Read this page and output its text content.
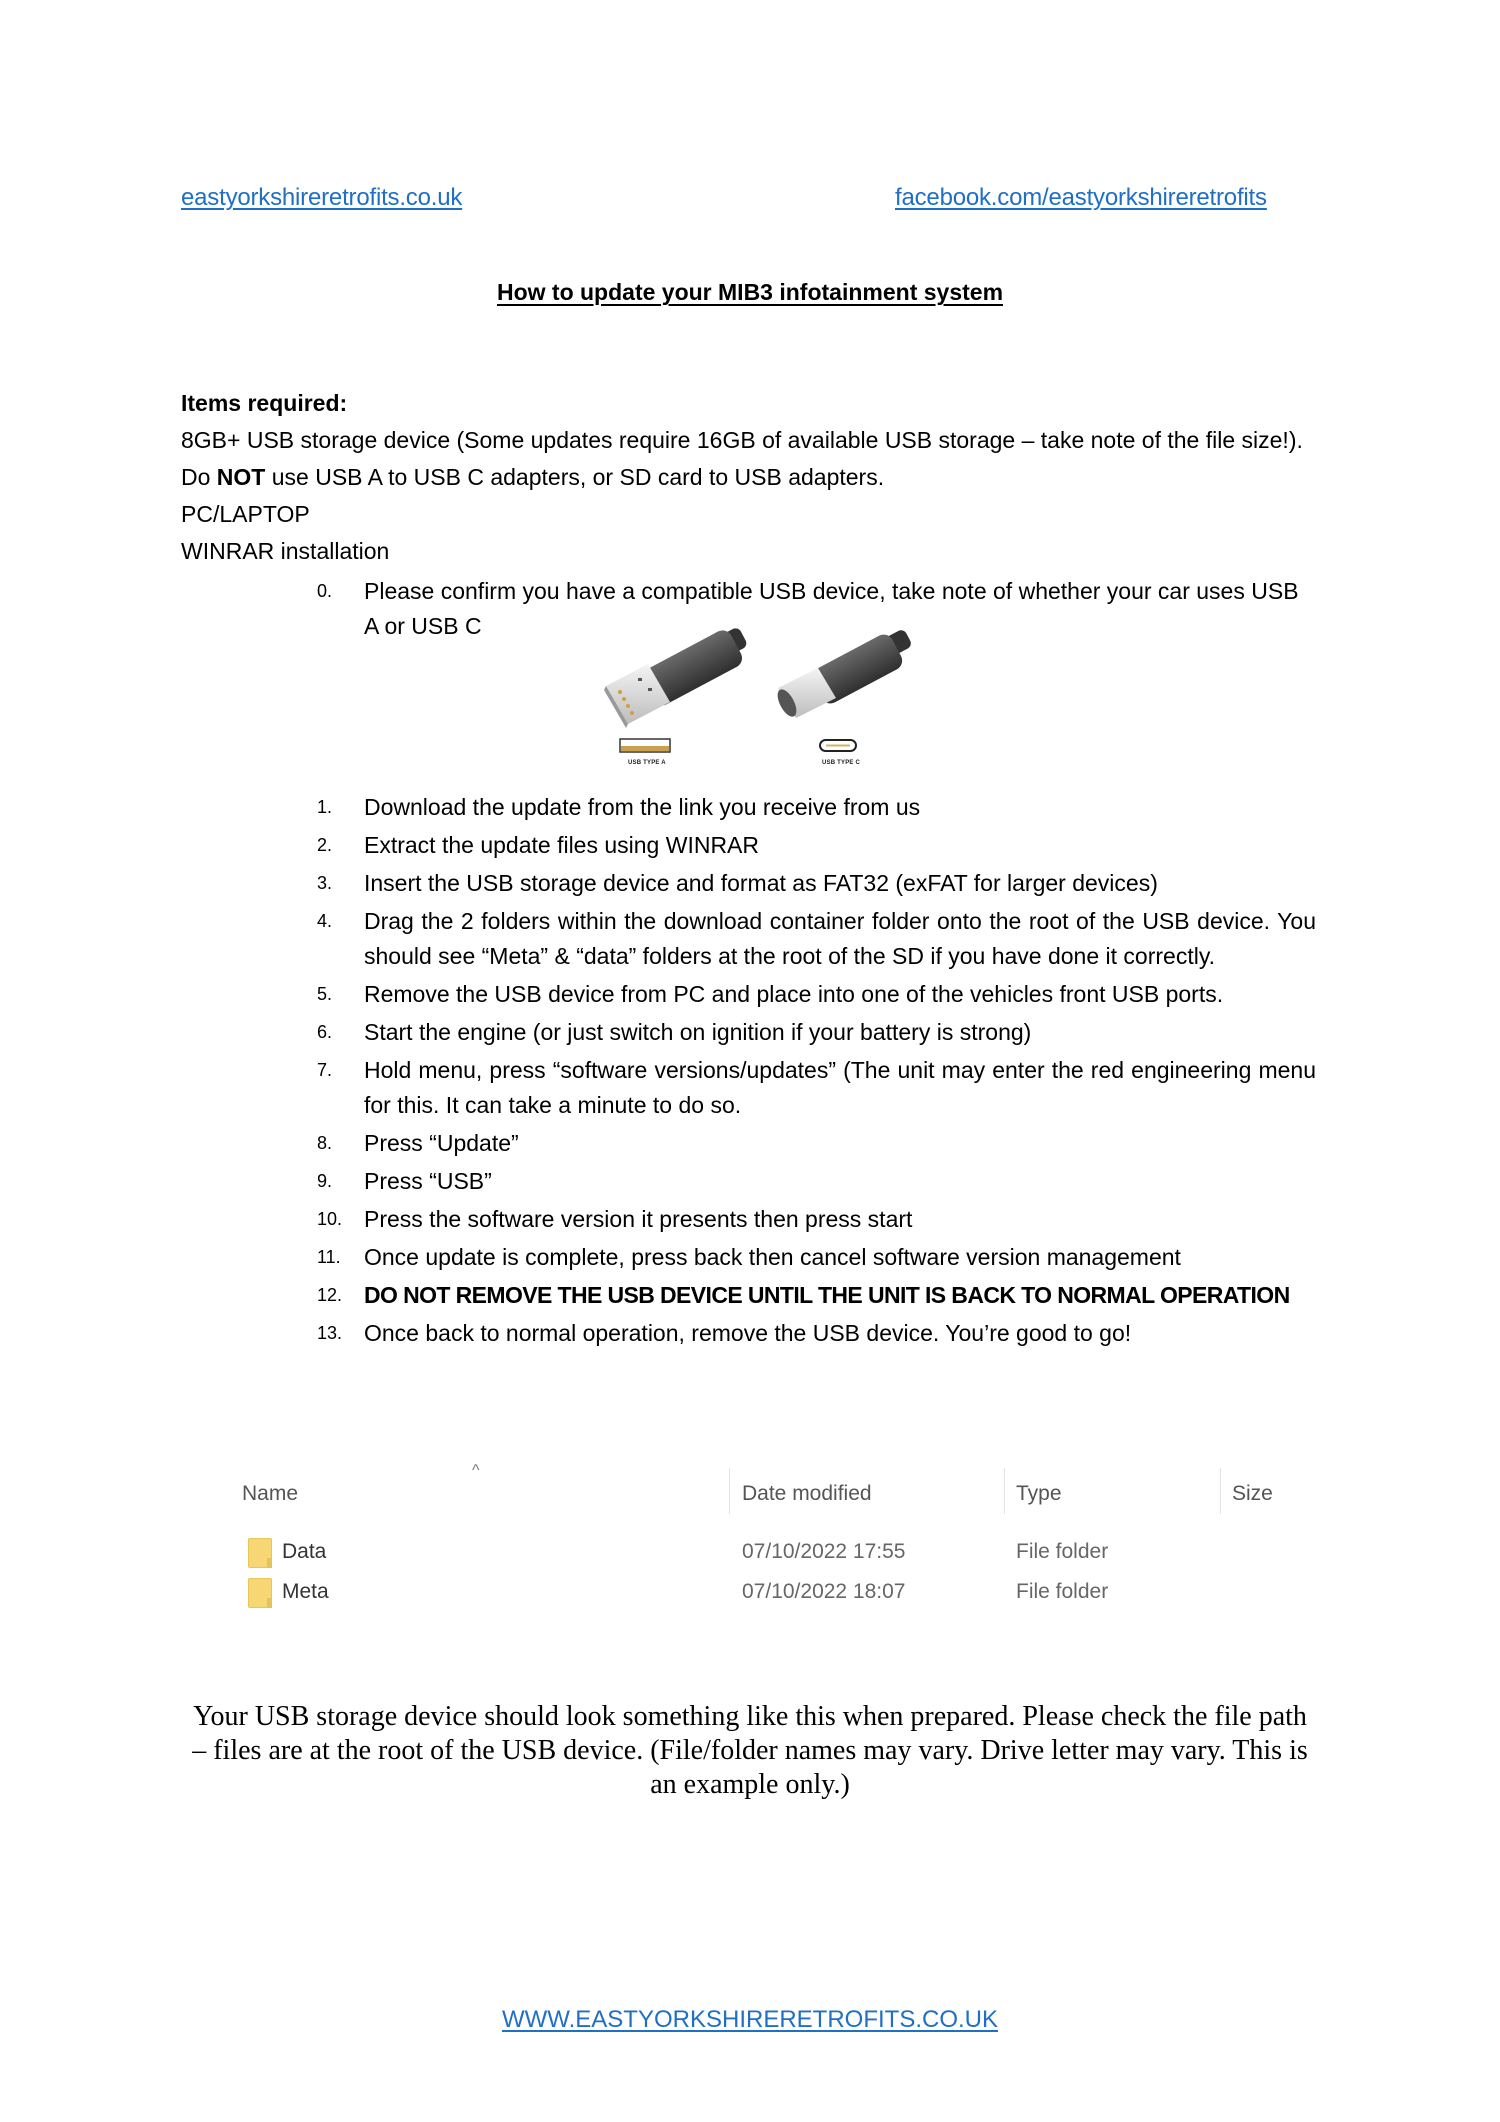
eastyorkshireretrofits.co.uk	facebook.com/eastyorkshireretrofits
How to update your MIB3 infotainment system

Items required:

8GB+ USB storage device (Some updates require 16GB of available USB storage – take note of the file size!). Do NOT use USB A to USB C adapters, or SD card to USB adapters.

PC/LAPTOP

WINRAR installation

0. Please confirm you have a compatible USB device, take note of whether your car uses USB A or USB C
USB TYPE A	USB TYPE C
1. Download the update from the link you receive from us
2. Extract the update files using WINRAR
3. Insert the USB storage device and format as FAT32 (exFAT for larger devices)
4. Drag the 2 folders within the download container folder onto the root of the USB device. You should see “Meta” & “data” folders at the root of the SD if you have done it correctly.
5. Remove the USB device from PC and place into one of the vehicles front USB ports.
6. Start the engine (or just switch on ignition if your battery is strong)
7. Hold menu, press “software versions/updates” (The unit may enter the red engineering menu for this. It can take a minute to do so.
8. Press “Update”
9. Press “USB”
10. Press the software version it presents then press start
11. Once update is complete, press back then cancel software version management
12. DO NOT REMOVE THE USB DEVICE UNTIL THE UNIT IS BACK TO NORMAL OPERATION
13. Once back to normal operation, remove the USB device. You’re good to go!
^
Name	Date modified	Type	Size
Data	07/10/2022 17:55	File folder
Meta	07/10/2022 18:07	File folder
Your USB storage device should look something like this when prepared. Please check the file path – files are at the root of the USB device. (File/folder names may vary. Drive letter may vary. This is an example only.)
WWW.EASTYORKSHIRERETROFITS.CO.UK
